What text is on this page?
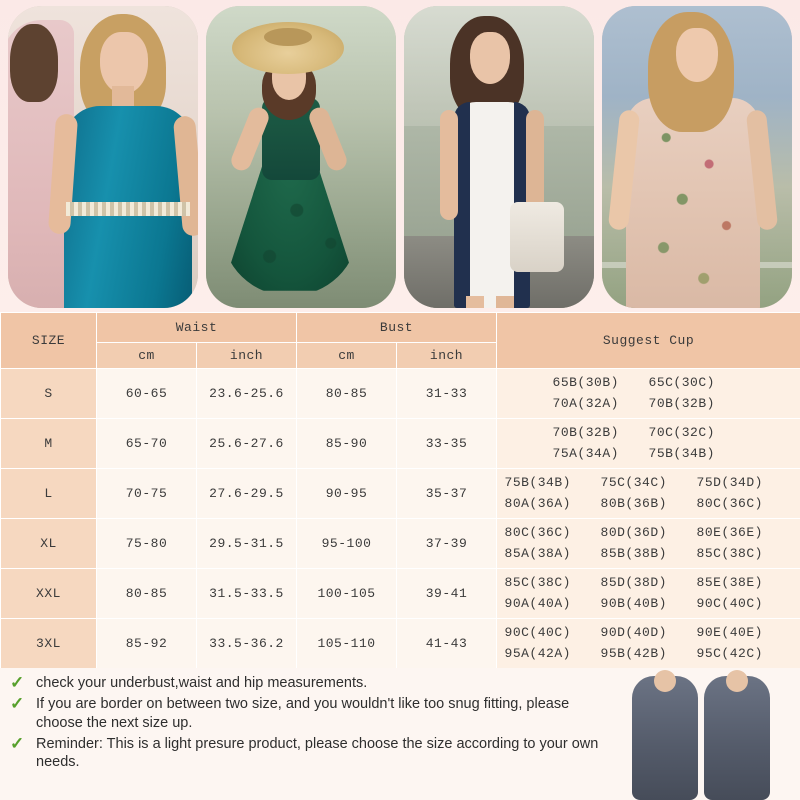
SIZE	Waist		Bust		Suggest Cup
	cm	inch	cm	inch	
S	60-65	23.6-25.6	80-85	31-33	65B(30B) 65C(30C)
70A(32A) 70B(32B)

M	65-70	25.6-27.6	85-90	33-35	70B(32B) 70C(32C)
75A(34A) 75B(34B)

L	70-75	27.6-29.5	90-95	35-37	75B(34B) 75C(34C) 75D(34D)
80A(36A) 80B(36B) 80C(36C)

XL	75-80	29.5-31.5	95-100	37-39	80C(36C) 80D(36D) 80E(36E)
85A(38A) 85B(38B) 85C(38C)

XXL	80-85	31.5-33.5	100-105	39-41	85C(38C) 85D(38D) 85E(38E)
90A(40A) 90B(40B) 90C(40C)

3XL	85-92	33.5-36.2	105-110	41-43	90C(40C) 90D(40D) 90E(40E)
95A(42A) 95B(42B) 95C(42C)
✓ check your underbust,waist and hip measurements.
✓ If you are border on between two size, and you wouldn't like too snug fitting, please choose the next size up.
✓ Reminder: This is a light presure product, please choose the size according to your own needs.
